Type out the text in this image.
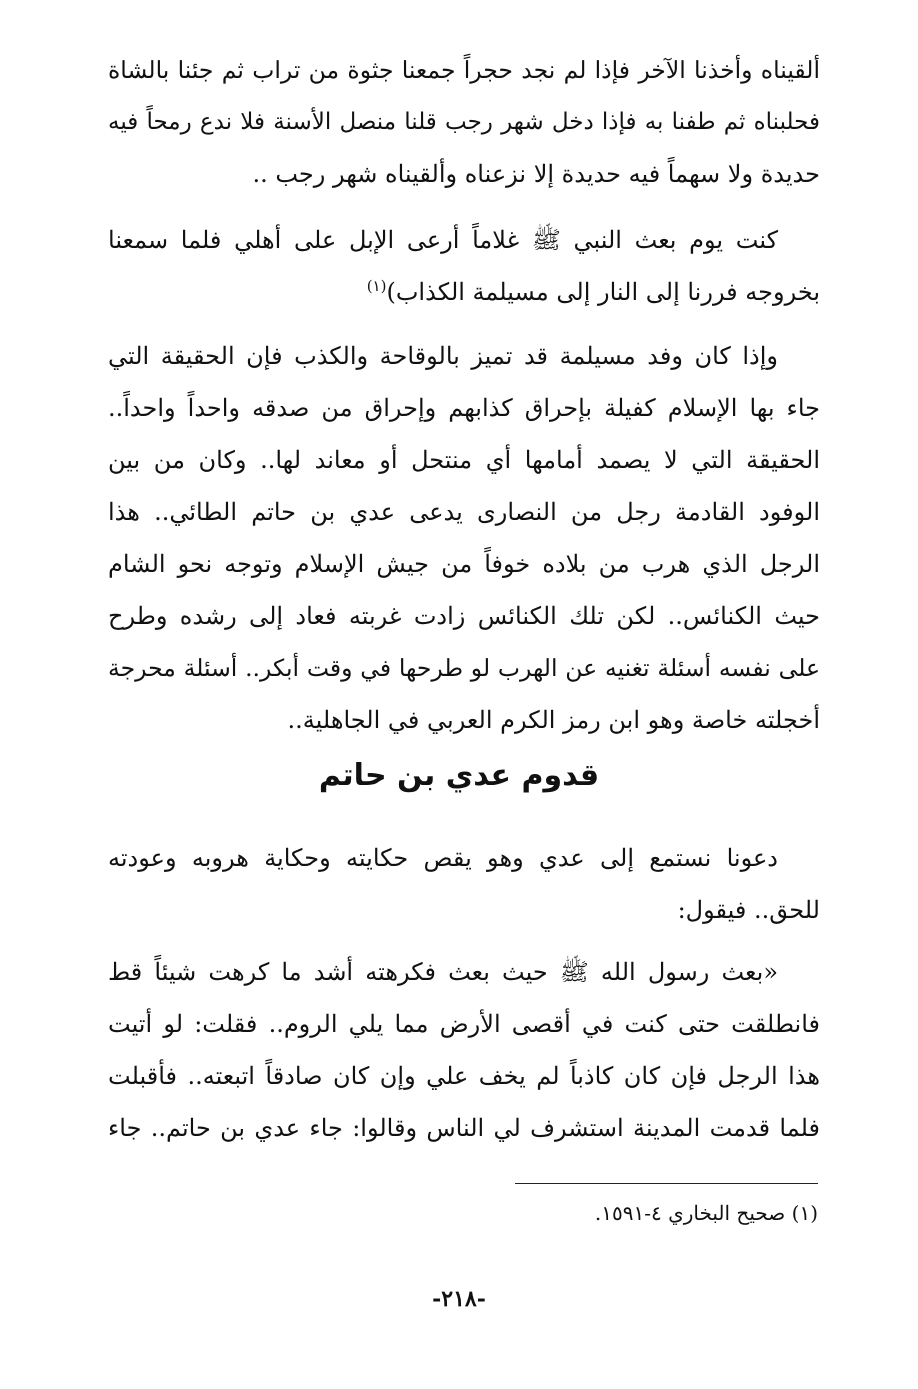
ألقيناه وأخذنا الآخر فإذا لم نجد حجراً جمعنا جثوة من تراب ثم جئنا بالشاة
فحلبناه ثم طفنا به فإذا دخل شهر رجب قلنا منصل الأسنة فلا ندع رمحاً فيه
حديدة ولا سهماً فيه حديدة إلا نزعناه وألقيناه شهر رجب ..
كنت يوم بعث النبي ﷺ غلاماً أرعى الإبل على أهلي فلما سمعنا
بخروجه فررنا إلى النار إلى مسيلمة الكذاب)$^{(١)}$
وإذا كان وفد مسيلمة قد تميز بالوقاحة والكذب فإن الحقيقة التي
جاء بها الإسلام كفيلة بإحراق كذابهم وإحراق من صدقه واحداً واحداً..
الحقيقة التي لا يصمد أمامها أي منتحل أو معاند لها.. وكان من بين
الوفود القادمة رجل من النصارى يدعى عدي بن حاتم الطائي.. هذا
الرجل الذي هرب من بلاده خوفاً من جيش الإسلام وتوجه نحو الشام
حيث الكنائس.. لكن تلك الكنائس زادت غربته فعاد إلى رشده وطرح
على نفسه أسئلة تغنيه عن الهرب لو طرحها في وقت أبكر.. أسئلة محرجة
أخجلته خاصة وهو ابن رمز الكرم العربي في الجاهلية..
قدوم عدي بن حاتم
دعونا نستمع إلى عدي وهو يقص حكايته وحكاية هروبه وعودته
للحق.. فيقول:
«بعث رسول الله ﷺ حيث بعث فكرهته أشد ما كرهت شيئاً قط
فانطلقت حتى كنت في أقصى الأرض مما يلي الروم.. فقلت: لو أتيت
هذا الرجل فإن كان كاذباً لم يخف علي وإن كان صادقاً اتبعته.. فأقبلت
فلما قدمت المدينة استشرف لي الناس وقالوا: جاء عدي بن حاتم.. جاء
(١) صحيح البخاري ٤-١٥٩١.
-٢١٨-
